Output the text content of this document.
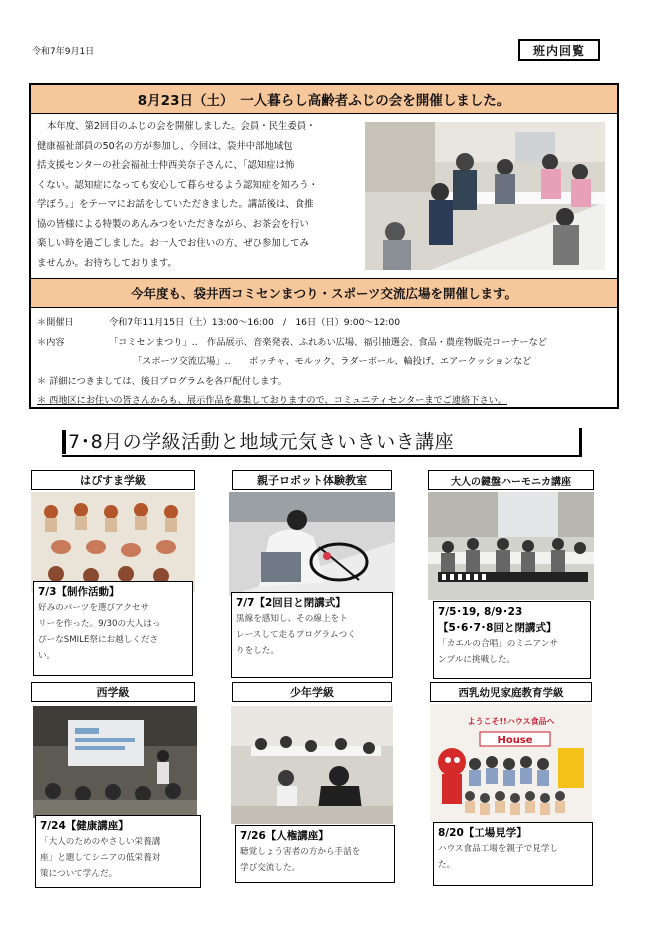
令和7年9月1日	班内回覧
8月23日（土）　一人暮らし高齢者ふじの会を開催しました。
本年度、第2回目のふじの会を開催しました。会員・民生委員・
健康福祉部員の50名の方が参加し、今回は、袋井中部地域包
括支援センターの社会福祉士仲西美奈子さんに、「認知症は怖
くない。認知症になっても安心して暮らせるよう認知症を知ろう・
学ぼう。」をテーマにお話をしていただきました。講話後は、食推
協の皆様による特製のあんみつをいただきながら、お茶会を行い
楽しい時を過ごしました。お一人でお住いの方、ぜひ参加してみ
ませんか。お待ちしております。
今年度も、袋井西コミセンまつり・スポーツ交流広場を開催します。
＊開催日	令和7年11月15日（土）13:00～16:00　/　16日（日）9:00～12:00
＊内容	「コミセンまつり」‥　作品展示、音楽発表、ふれあい広場、福引抽選会、食品・農産物販売コーナーなど
「スポーツ交流広場」‥　　ボッチャ、モルック、ラダーボール、輪投げ、エアークッションなど
＊ 詳細につきましては、後日プログラムを各戸配付します。
＊ 西地区にお住いの皆さんからも、展示作品を募集しておりますので、コミュニティセンターまでご連絡下さい。
7･8月の学級活動と地域元気きいきいき講座
はぴすま学級
7/3【制作活動】
好みのパーツを選びアクセサ
リーを作った。9/30の大人はっ
ぴーなSMILE祭にお越しくださ
い。
親子ロボット体験教室
7/7【2回目と閉講式】
黒線を感知し、その線上をト
レースして走るプログラムつく
りをした。
大人の鍵盤ハーモニカ講座
7/5･19, 8/9･23
【5･6･7･8回と閉講式】
「カエルの合唱」のミニアンサ
ンブルに挑戦した。
西学級
7/24【健康講座】
「大人のためのやさしい栄養講
座」と題してシニアの低栄養対
策について学んだ。
少年学級
7/26【人権講座】
聴覚しょう害者の方から手話を
学び交流した。
西乳幼児家庭教育学級
ようこそ!!ハウス食品へ
House
8/20【工場見学】
ハウス食品工場を親子で見学し
た。
